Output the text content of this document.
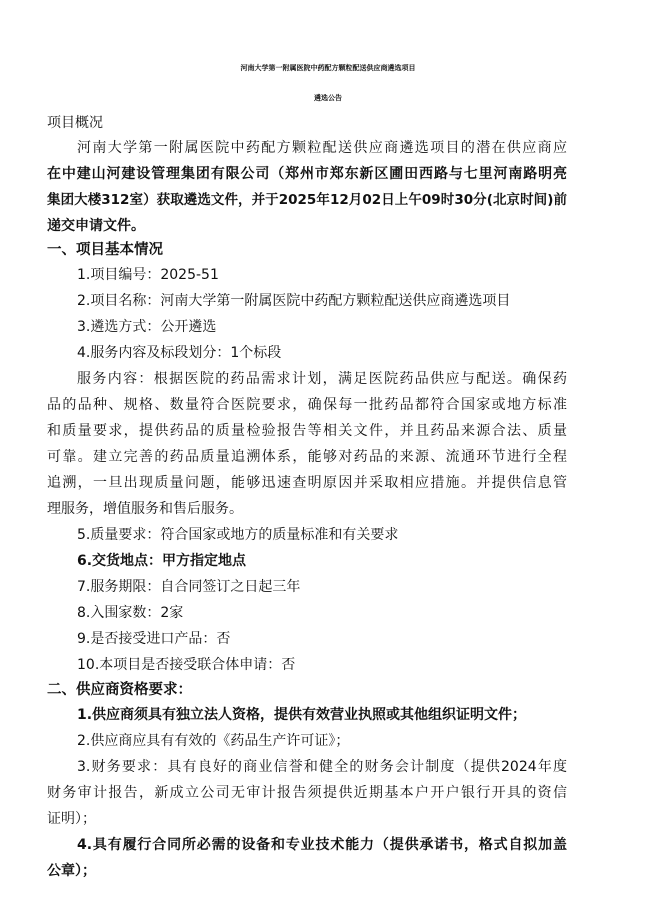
河南大学第一附属医院中药配方颗粒配送供应商遴选项目
遴选公告
项目概况
河南大学第一附属医院中药配方颗粒配送供应商遴选项目的潜在供应商应
在中建山河建设管理集团有限公司（郑州市郑东新区圃田西路与七里河南路明亮
集团大楼312室）获取遴选文件，并于2025年12月02日上午09时30分(北京时间)前
递交申请文件。
一、项目基本情况
1.项目编号：2025-51
2.项目名称：河南大学第一附属医院中药配方颗粒配送供应商遴选项目
3.遴选方式：公开遴选
4.服务内容及标段划分：1个标段
服务内容：根据医院的药品需求计划，满足医院药品供应与配送。确保药
品的品种、规格、数量符合医院要求，确保每一批药品都符合国家或地方标准
和质量要求，提供药品的质量检验报告等相关文件，并且药品来源合法、质量
可靠。建立完善的药品质量追溯体系，能够对药品的来源、流通环节进行全程
追溯，一旦出现质量问题，能够迅速查明原因并采取相应措施。并提供信息管
理服务，增值服务和售后服务。
5.质量要求：符合国家或地方的质量标准和有关要求
6.交货地点：甲方指定地点
7.服务期限：自合同签订之日起三年
8.入围家数：2家
9.是否接受进口产品：否
10.本项目是否接受联合体申请：否
二、供应商资格要求：
1.供应商须具有独立法人资格，提供有效营业执照或其他组织证明文件；
2.供应商应具有有效的《药品生产许可证》；
3.财务要求：具有良好的商业信誉和健全的财务会计制度（提供2024年度
财务审计报告，新成立公司无审计报告须提供近期基本户开户银行开具的资信
证明）；
4.具有履行合同所必需的设备和专业技术能力（提供承诺书，格式自拟加盖
公章）；
